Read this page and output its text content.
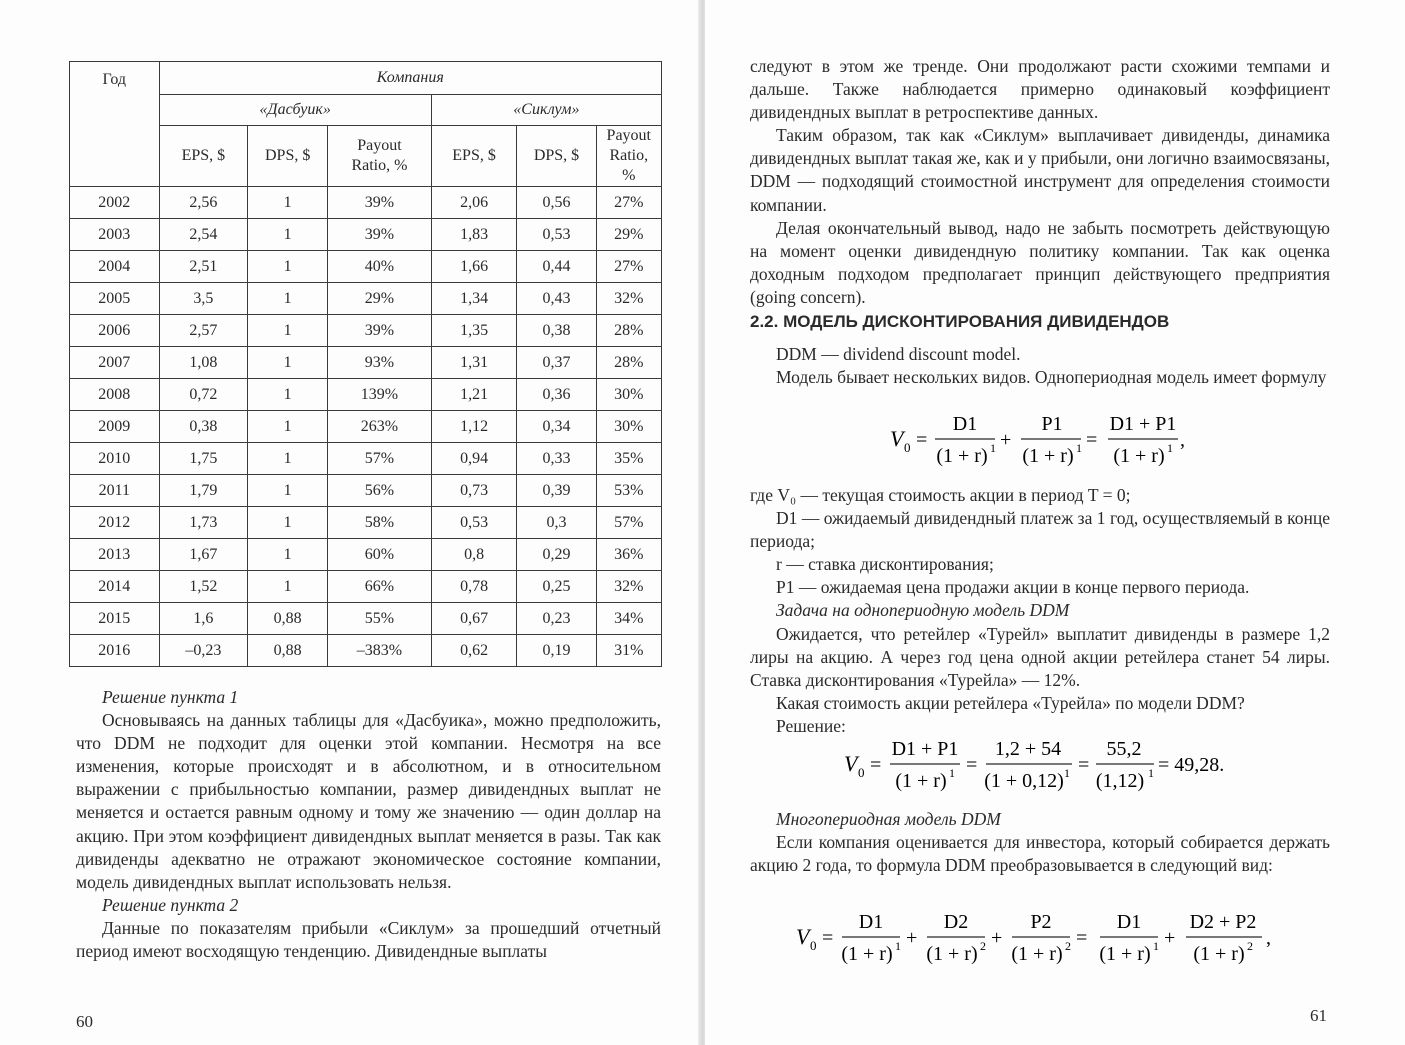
Год	Компания					
	«Дасбуик»			«Сиклум»		
	EPS, $	DPS, $	Payout Ratio, %	EPS, $	DPS, $	Payout Ratio, %
2002	2,56	1	39%	2,06	0,56	27%
2003	2,54	1	39%	1,83	0,53	29%
2004	2,51	1	40%	1,66	0,44	27%
2005	3,5	1	29%	1,34	0,43	32%
2006	2,57	1	39%	1,35	0,38	28%
2007	1,08	1	93%	1,31	0,37	28%
2008	0,72	1	139%	1,21	0,36	30%
2009	0,38	1	263%	1,12	0,34	30%
2010	1,75	1	57%	0,94	0,33	35%
2011	1,79	1	56%	0,73	0,39	53%
2012	1,73	1	58%	0,53	0,3	57%
2013	1,67	1	60%	0,8	0,29	36%
2014	1,52	1	66%	0,78	0,25	32%
2015	1,6	0,88	55%	0,67	0,23	34%
2016	–0,23	0,88	–383%	0,62	0,19	31%

Решение пункта 1

Основываясь на данных таблицы для «Дасбуика», можно предположить, что DDM не подходит для оценки этой компании. Несмотря на все изменения, которые происходят и в абсолютном, и в относительном выражении с прибыльностью компании, размер дивидендных выплат не меняется и остается равным одному и тому же значению — один доллар на акцию. При этом коэффициент дивидендных выплат меняется в разы. Так как дивиденды адекватно не отражают экономическое состояние компании, модель дивидендных выплат использовать нельзя.

Решение пункта 2

Данные по показателям прибыли «Сиклум» за прошедший отчетный период имеют восходящую тенденцию. Дивидендные выплаты

60

следуют в этом же тренде. Они продолжают расти схожими темпами и дальше. Также наблюдается примерно одинаковый коэффициент дивидендных выплат в ретроспективе данных.

Таким образом, так как «Сиклум» выплачивает дивиденды, динамика дивидендных выплат такая же, как и у прибыли, они логично взаимосвязаны, DDM — подходящий стоимостной инструмент для определения стоимости компании.

Делая окончательный вывод, надо не забыть посмотреть действующую на момент оценки дивидендную политику компании. Так как оценка доходным подходом предполагает принцип действующего предприятия (going concern).

2.2. МОДЕЛЬ ДИСКОНТИРОВАНИЯ ДИВИДЕНДОВ

DDM — dividend discount model.

Модель бывает нескольких видов. Однопериодная модель имеет формулу

V 0 =
D1
(1 + r) 1 +
P1
(1 + r) 1 =
D1 + P1
(1 + r) 1 ,

где V₀ — текущая стоимость акции в период T = 0;

D1 — ожидаемый дивидендный платеж за 1 год, осуществляемый в конце периода;

r — ставка дисконтирования;

P1 — ожидаемая цена продажи акции в конце первого периода.

Задача на однопериодную модель DDM

Ожидается, что ретейлер «Турейл» выплатит дивиденды в размере 1,2 лиры на акцию. А через год цена одной акции ретейлера станет 54 лиры. Ставка дисконтирования «Турейла» — 12%.

Какая стоимость акции ретейлера «Турейла» по модели DDM?

Решение:

V 0 =
D1 + P1
(1 + r) 1 =
1,2 + 54
(1 + 0,12) 1 =
55,2
(1,12) 1 = 49,28.

Многопериодная модель DDM

Если компания оценивается для инвестора, который собирается держать акцию 2 года, то формула DDM преобразовывается в следующий вид:

V 0 =
D1
(1 + r) 1 +
D2
(1 + r) 2 +
P2
(1 + r) 2 =
D1
(1 + r) 1 +
D2 + P2
(1 + r) 2 ,
61
